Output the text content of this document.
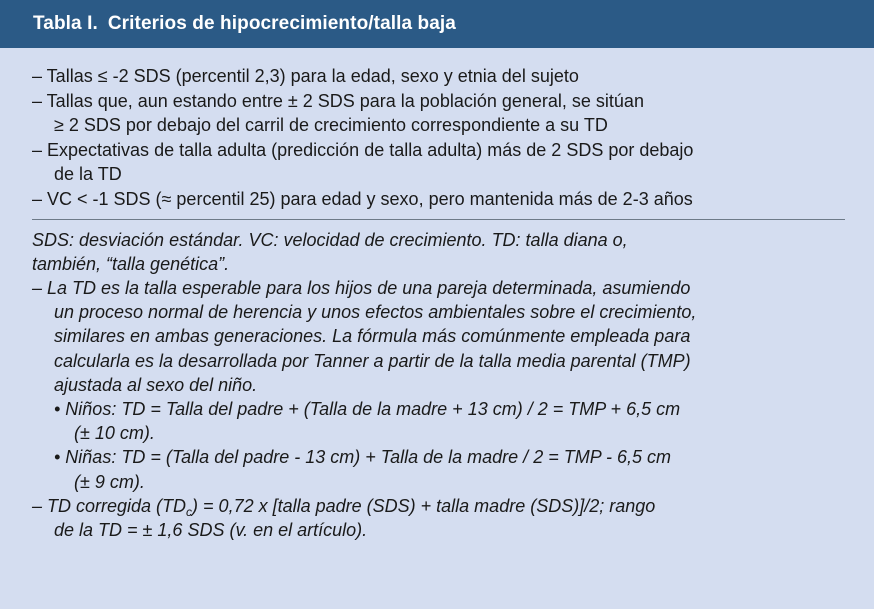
Tabla I. Criterios de hipocrecimiento/talla baja

– Tallas ≤ -2 SDS (percentil 2,3) para la edad, sexo y etnia del sujeto

– Tallas que, aun estando entre ± 2 SDS para la población general, se sitúan

≥ 2 SDS por debajo del carril de crecimiento correspondiente a su TD

– Expectativas de talla adulta (predicción de talla adulta) más de 2 SDS por debajo

de la TD

– VC < -1 SDS (≈ percentil 25) para edad y sexo, pero mantenida más de 2-3 años

SDS: desviación estándar. VC: velocidad de crecimiento. TD: talla diana o,

también, “talla genética”.

– La TD es la talla esperable para los hijos de una pareja determinada, asumiendo

un proceso normal de herencia y unos efectos ambientales sobre el crecimiento,

similares en ambas generaciones. La fórmula más comúnmente empleada para

calcularla es la desarrollada por Tanner a partir de la talla media parental (TMP)

ajustada al sexo del niño.

• Niños: TD = Talla del padre + (Talla de la madre + 13 cm) / 2 = TMP + 6,5 cm

(± 10 cm).

• Niñas: TD = (Talla del padre - 13 cm) + Talla de la madre / 2 = TMP - 6,5 cm

(± 9 cm).

– TD corregida $(TD_c) = 0,72$ x [talla padre (SDS) + talla madre (SDS)]/2; rango

de la TD = ± 1,6 SDS (v. en el artículo).
